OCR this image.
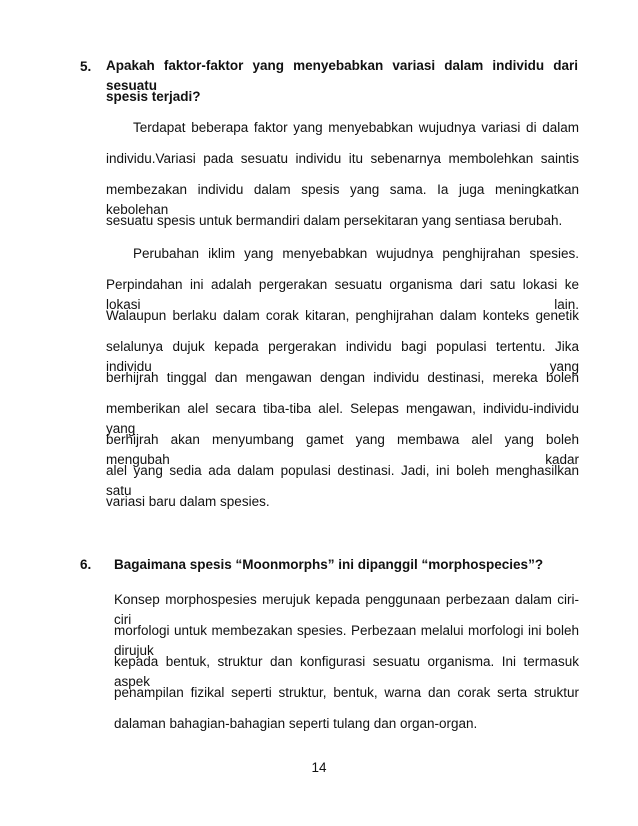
5. Apakah faktor-faktor yang menyebabkan variasi dalam individu dari sesuatu
spesis terjadi?
Terdapat beberapa faktor yang menyebabkan wujudnya variasi di dalam
individu.Variasi pada sesuatu individu itu sebenarnya membolehkan saintis
membezakan individu dalam spesis yang sama. Ia juga meningkatkan kebolehan
sesuatu spesis untuk bermandiri dalam persekitaran yang sentiasa berubah.
Perubahan iklim yang menyebabkan wujudnya penghijrahan spesies.
Perpindahan ini adalah pergerakan sesuatu organisma dari satu lokasi ke lokasi lain.
Walaupun berlaku dalam corak kitaran, penghijrahan dalam konteks genetik
selalunya dujuk kepada pergerakan individu bagi populasi tertentu. Jika individu yang
berhijrah tinggal dan mengawan dengan individu destinasi, mereka boleh
memberikan alel secara tiba-tiba alel. Selepas mengawan, individu-individu yang
berhijrah akan menyumbang gamet yang membawa alel yang boleh mengubah kadar
alel yang sedia ada dalam populasi destinasi. Jadi, ini boleh menghasilkan satu
variasi baru dalam spesies.
6. Bagaimana spesis “Moonmorphs” ini dipanggil “morphospecies”?
Konsep morphospesies merujuk kepada penggunaan perbezaan dalam ciri- ciri
morfologi untuk membezakan spesies. Perbezaan melalui morfologi ini boleh dirujuk
kepada bentuk, struktur dan konfigurasi sesuatu organisma. Ini termasuk aspek
penampilan fizikal seperti struktur, bentuk, warna dan corak serta struktur
dalaman bahagian-bahagian seperti tulang dan organ-organ.
14
